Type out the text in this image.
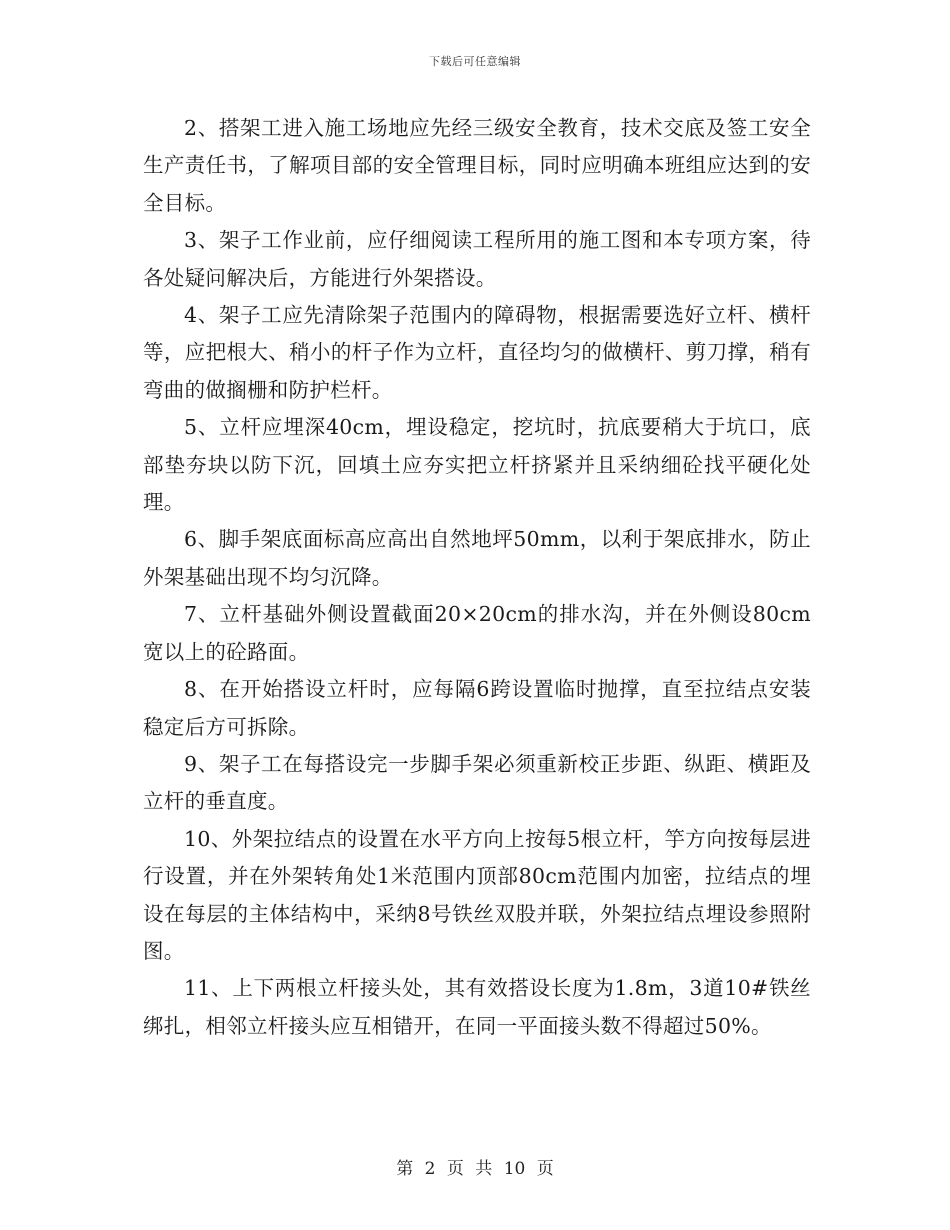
下载后可任意编辑

2、搭架工进入施工场地应先经三级安全教育，技术交底及签工安全生产责任书，了解项目部的安全管理目标，同时应明确本班组应达到的安全目标。

3、架子工作业前，应仔细阅读工程所用的施工图和本专项方案，待各处疑问解决后，方能进行外架搭设。

4、架子工应先清除架子范围内的障碍物，根据需要选好立杆、横杆等，应把根大、稍小的杆子作为立杆，直径均匀的做横杆、剪刀撑，稍有弯曲的做搁栅和防护栏杆。

5、立杆应埋深40cm，埋设稳定，挖坑时，抗底要稍大于坑口，底部垫夯块以防下沉，回填土应夯实把立杆挤紧并且采纳细砼找平硬化处理。

6、脚手架底面标高应高出自然地坪50mm，以利于架底排水，防止外架基础出现不均匀沉降。

7、立杆基础外侧设置截面20×20cm的排水沟，并在外侧设80cm宽以上的砼路面。

8、在开始搭设立杆时，应每隔6跨设置临时抛撑，直至拉结点安装稳定后方可拆除。

9、架子工在每搭设完一步脚手架必须重新校正步距、纵距、横距及立杆的垂直度。

10、外架拉结点的设置在水平方向上按每5根立杆，竽方向按每层进行设置，并在外架转角处1米范围内顶部80cm范围内加密，拉结点的埋设在每层的主体结构中，采纳8号铁丝双股并联，外架拉结点埋设参照附图。

11、上下两根立杆接头处，其有效搭设长度为1.8m，3道10#铁丝绑扎，相邻立杆接头应互相错开，在同一平面接头数不得超过50%。

第 2 页 共 10 页
